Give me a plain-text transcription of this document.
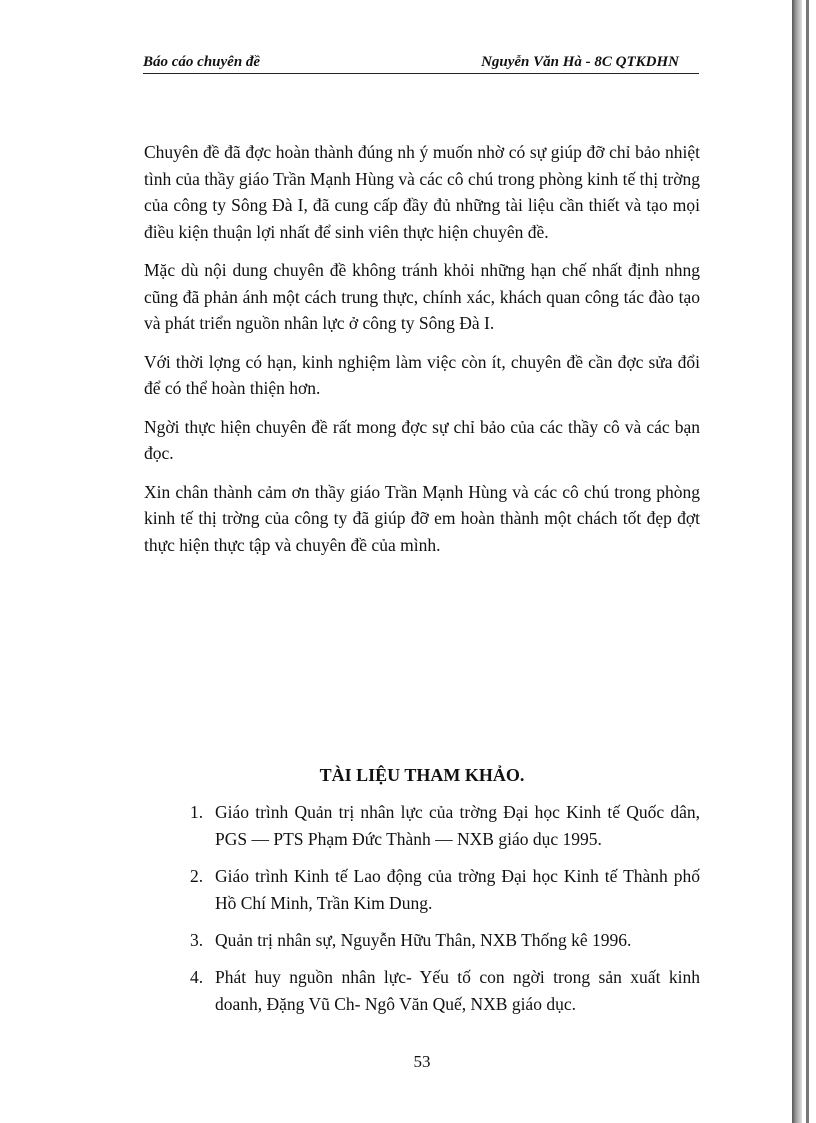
Báo cáo chuyên đề	Nguyễn Văn Hà - 8C QTKDHN

Chuyên đề đã đợc hoàn thành đúng nh ý muốn nhờ có sự giúp đỡ chỉ bảo nhiệt tình của thầy giáo Trần Mạnh Hùng và các cô chú trong phòng kinh tế thị trờng của công ty Sông Đà I, đã cung cấp đầy đủ những tài liệu cần thiết và tạo mọi điều kiện thuận lợi nhất để sinh viên thực hiện chuyên đề.

Mặc dù nội dung chuyên đề không tránh khỏi những hạn chế nhất định nhng cũng đã phản ánh một cách trung thực, chính xác, khách quan công tác đào tạo và phát triển nguồn nhân lực ở công ty Sông Đà I.

Với thời lợng có hạn, kinh nghiệm làm việc còn ít, chuyên đề cần đợc sửa đổi để có thể hoàn thiện hơn.

Ngời thực hiện chuyên đề rất mong đợc sự chỉ bảo của các thầy cô và các bạn đọc.

Xin chân thành cảm ơn thầy giáo Trần Mạnh Hùng và các cô chú trong phòng kinh tế thị trờng của công ty đã giúp đỡ em hoàn thành một chách tốt đẹp đợt thực hiện thực tập và chuyên đề của mình.

TÀI LIỆU THAM KHẢO.
1. Giáo trình Quản trị nhân lực của trờng Đại học Kinh tế Quốc dân, PGS — PTS Phạm Đức Thành — NXB giáo dục 1995.
2. Giáo trình Kinh tế Lao động của trờng Đại học Kinh tế Thành phố Hồ Chí Minh, Trần Kim Dung.
3. Quản trị nhân sự, Nguyễn Hữu Thân, NXB Thống kê 1996.
4. Phát huy nguồn nhân lực- Yếu tố con ngời trong sản xuất kinh doanh, Đặng Vũ Ch- Ngô Văn Quế, NXB giáo dục.
53
